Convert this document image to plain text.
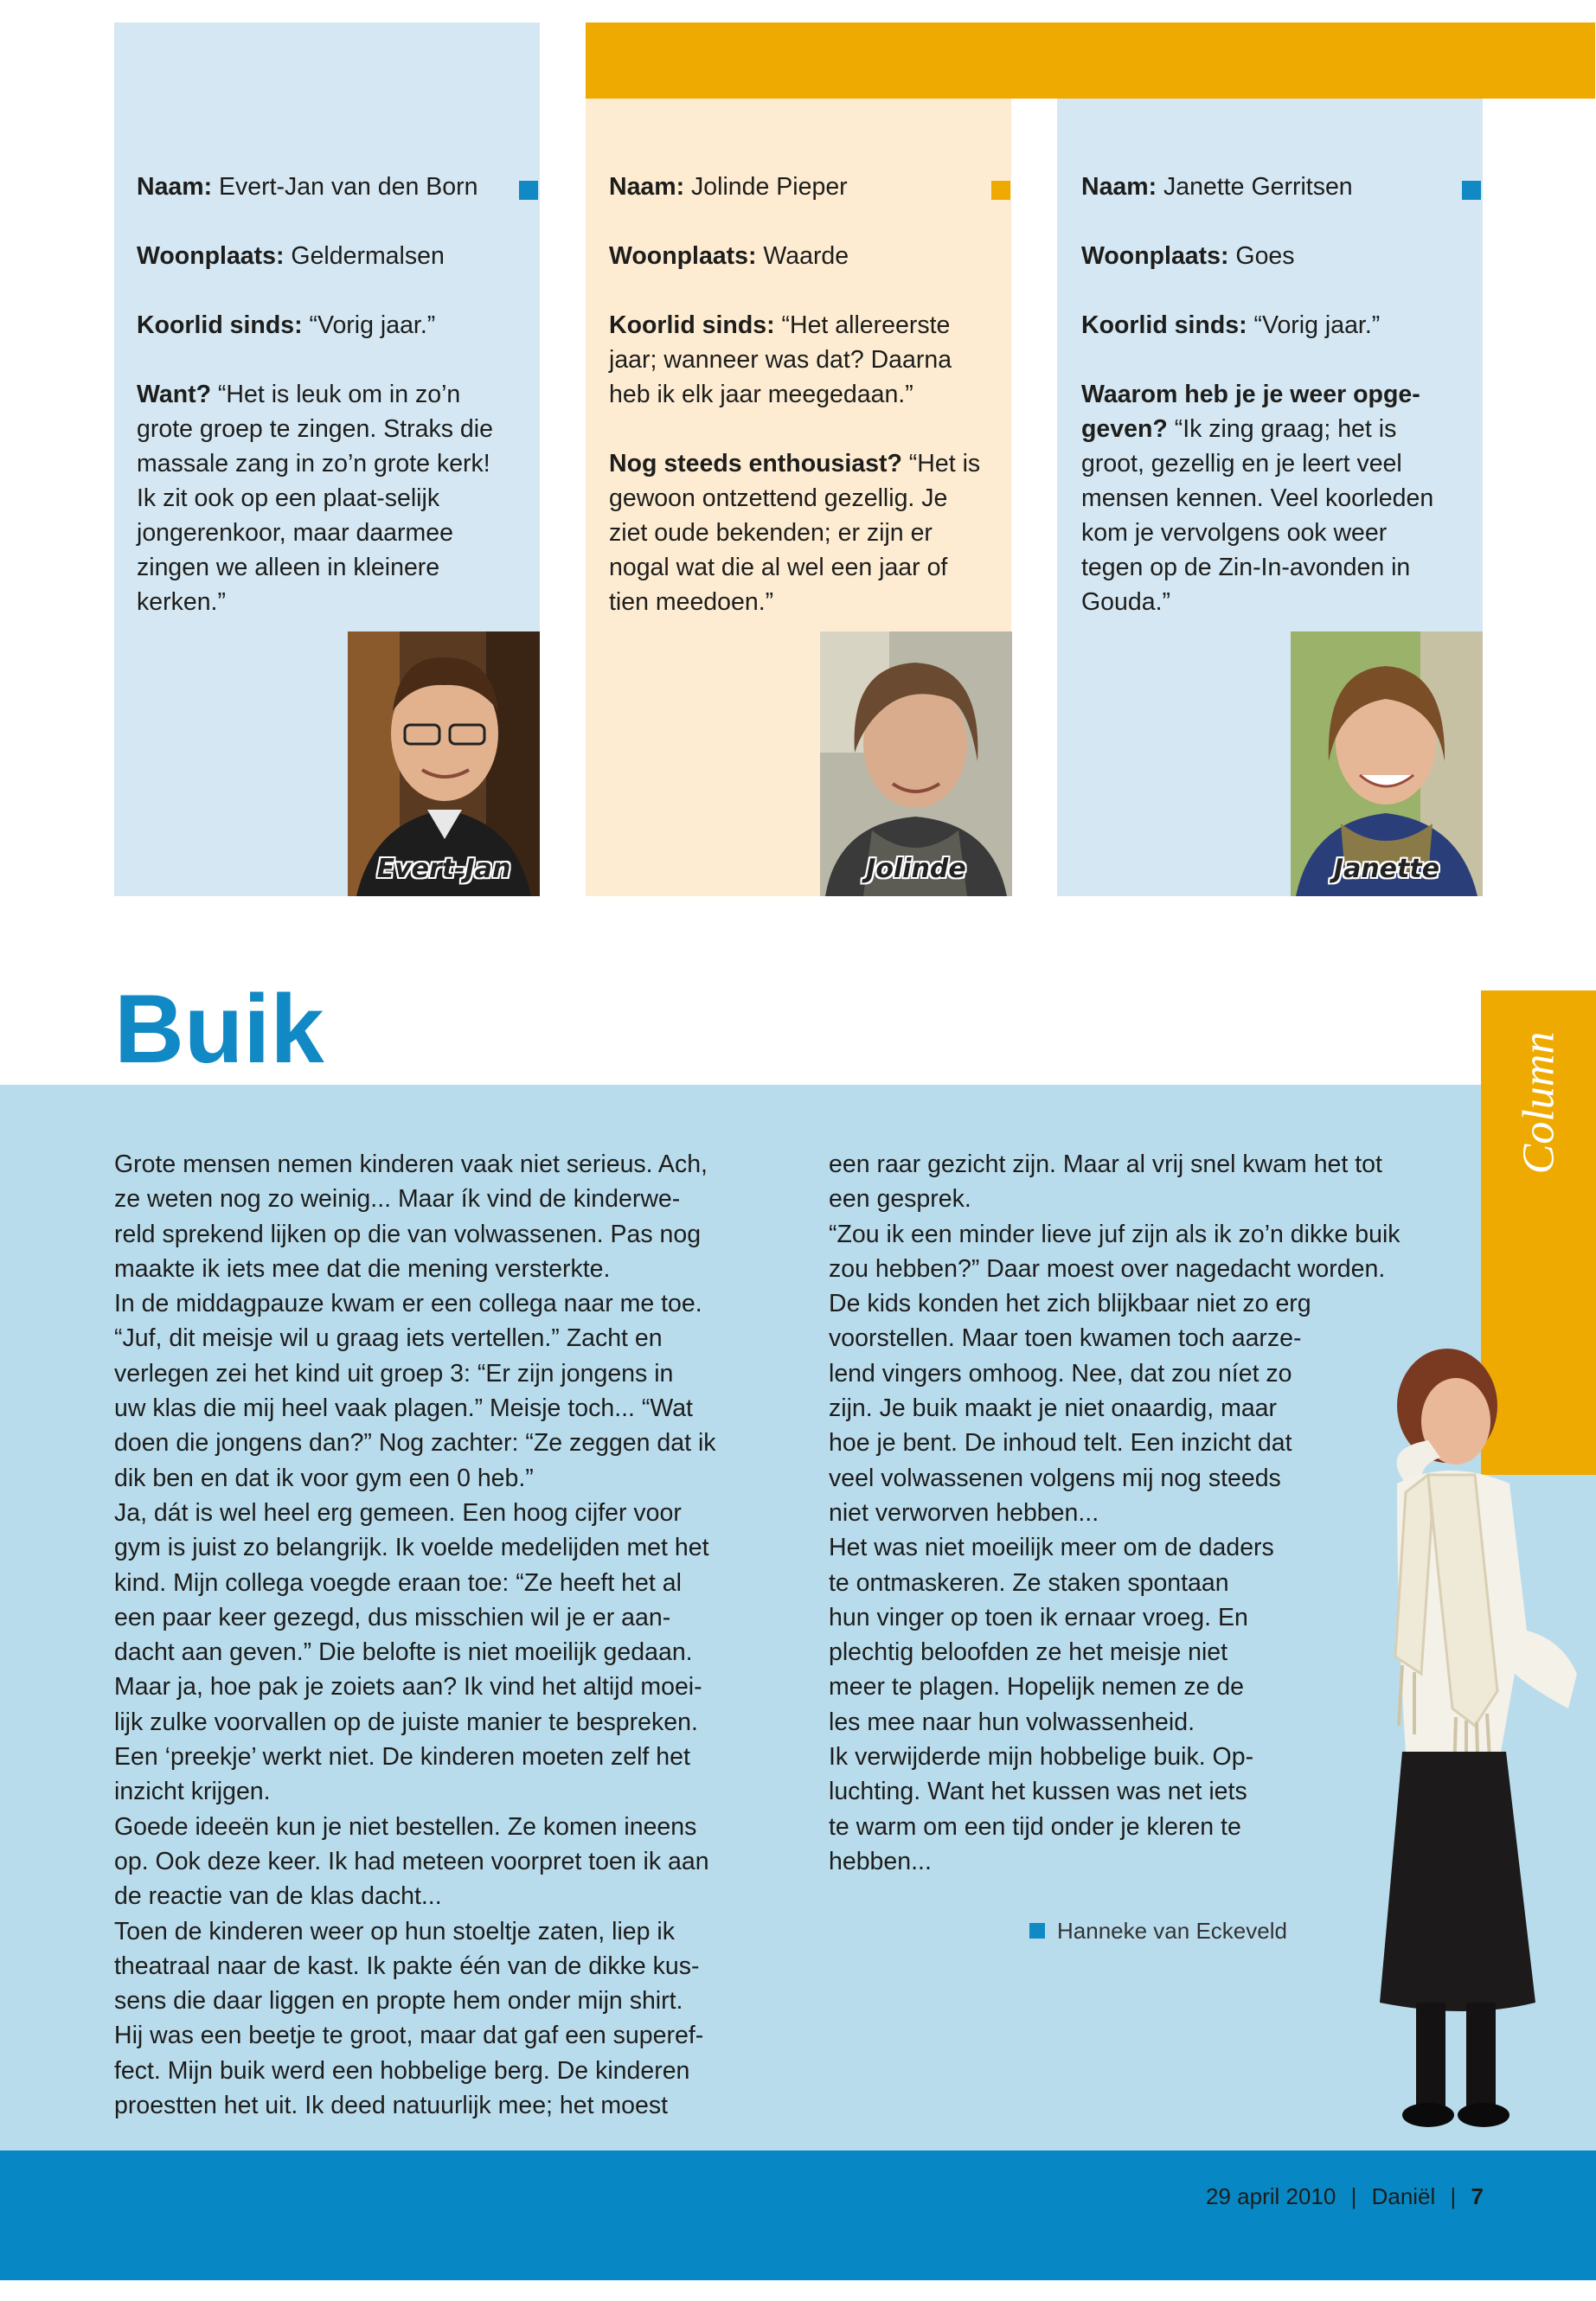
Naam: Evert-Jan van den Born

Woonplaats: Geldermalsen

Koorlid sinds: “Vorig jaar.”

Want? “Het is leuk om in zo’n grote groep te zingen. Straks die massale zang in zo’n grote kerk! Ik zit ook op een plaat-selijk jongerenkoor, maar daarmee zingen we alleen in kleinere kerken.”

Evert-Jan

Naam: Jolinde Pieper

Woonplaats: Waarde

Koorlid sinds: “Het allereerste jaar; wanneer was dat? Daarna heb ik elk jaar meegedaan.”

Nog steeds enthousiast? “Het is gewoon ontzettend gezellig. Je ziet oude bekenden; er zijn er nogal wat die al wel een jaar of tien meedoen.”

Jolinde

Naam: Janette Gerritsen

Woonplaats: Goes

Koorlid sinds: “Vorig jaar.”

Waarom heb je je weer opge-geven? “Ik zing graag; het is groot, gezellig en je leert veel mensen kennen. Veel koorleden kom je vervolgens ook weer tegen op de Zin-In-avonden in Gouda.”

Janette
Buik
Column

Grote mensen nemen kinderen vaak niet serieus. Ach,

ze weten nog zo weinig... Maar ík vind de kinderwe-

reld sprekend lijken op die van volwassenen. Pas nog

maakte ik iets mee dat die mening versterkte.

In de middagpauze kwam er een collega naar me toe.

“Juf, dit meisje wil u graag iets vertellen.” Zacht en

verlegen zei het kind uit groep 3: “Er zijn jongens in

uw klas die mij heel vaak plagen.” Meisje toch... “Wat

doen die jongens dan?” Nog zachter: “Ze zeggen dat ik

dik ben en dat ik voor gym een 0 heb.”

Ja, dát is wel heel erg gemeen. Een hoog cijfer voor

gym is juist zo belangrijk. Ik voelde medelijden met het

kind. Mijn collega voegde eraan toe: “Ze heeft het al

een paar keer gezegd, dus misschien wil je er aan-

dacht aan geven.” Die belofte is niet moeilijk gedaan.

Maar ja, hoe pak je zoiets aan? Ik vind het altijd moei-

lijk zulke voorvallen op de juiste manier te bespreken.

Een ‘preekje’ werkt niet. De kinderen moeten zelf het

inzicht krijgen.

Goede ideeën kun je niet bestellen. Ze komen ineens

op. Ook deze keer. Ik had meteen voorpret toen ik aan

de reactie van de klas dacht...

Toen de kinderen weer op hun stoeltje zaten, liep ik

theatraal naar de kast. Ik pakte één van de dikke kus-

sens die daar liggen en propte hem onder mijn shirt.

Hij was een beetje te groot, maar dat gaf een superef-

fect. Mijn buik werd een hobbelige berg. De kinderen

proestten het uit. Ik deed natuurlijk mee; het moest

een raar gezicht zijn. Maar al vrij snel kwam het tot

een gesprek.

“Zou ik een minder lieve juf zijn als ik zo’n dikke buik

zou hebben?” Daar moest over nagedacht worden.

De kids konden het zich blijkbaar niet zo erg

voorstellen. Maar toen kwamen toch aarze-

lend vingers omhoog. Nee, dat zou níet zo

zijn. Je buik maakt je niet onaardig, maar

hoe je bent. De inhoud telt. Een inzicht dat

veel volwassenen volgens mij nog steeds

niet verworven hebben...

Het was niet moeilijk meer om de daders

te ontmaskeren. Ze staken spontaan

hun vinger op toen ik ernaar vroeg. En

plechtig beloofden ze het meisje niet

meer te plagen. Hopelijk nemen ze de

les mee naar hun volwassenheid.

Ik verwijderde mijn hobbelige buik. Op-

luchting. Want het kussen was net iets

te warm om een tijd onder je kleren te

hebben...

Hanneke van Eckeveld
29 april 2010 | Daniël | 7
